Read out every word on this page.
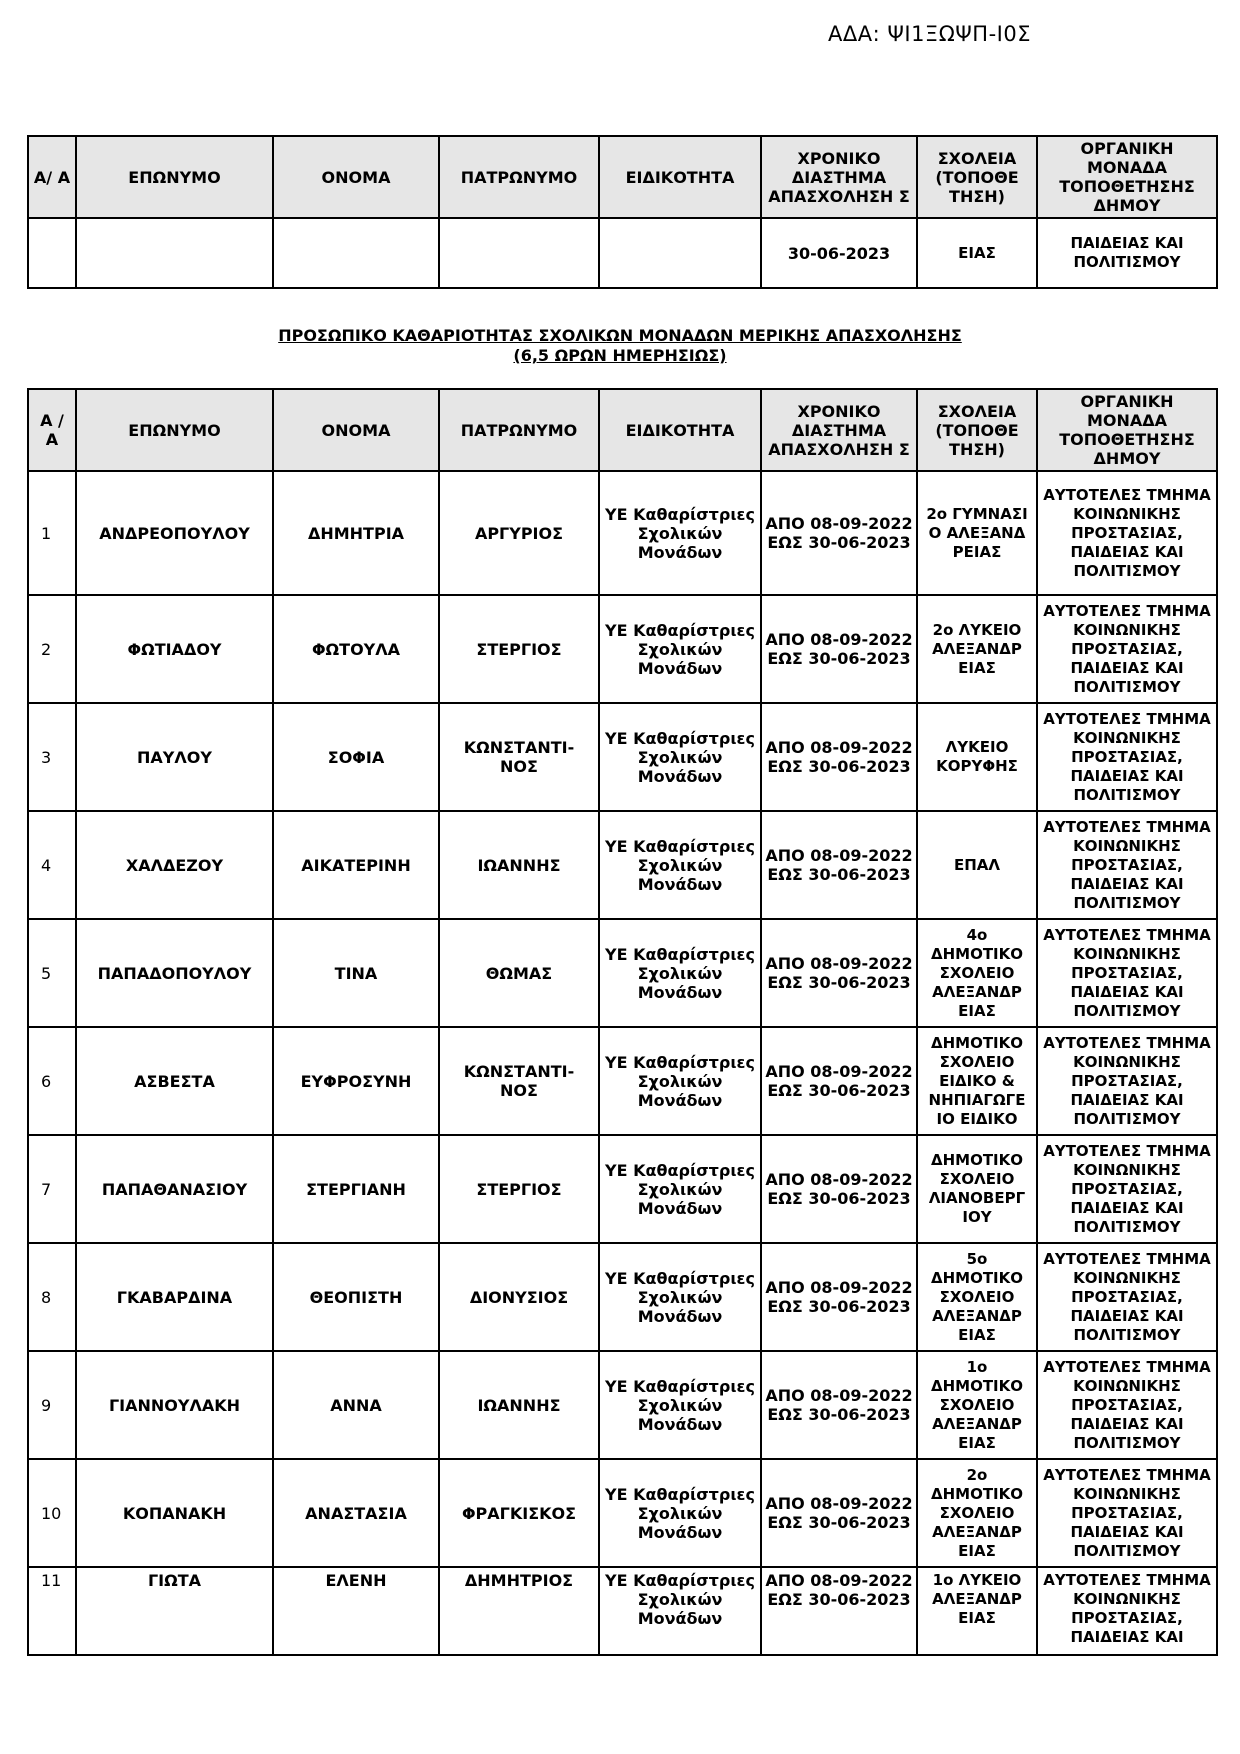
ΑΔΑ: ΨΙ1ΞΩΨΠ-Ι0Σ
Α/ Α	ΕΠΩΝΥΜΟ	ΟΝΟΜΑ	ΠΑΤΡΩΝΥΜΟ	ΕΙΔΙΚΟΤΗΤΑ	ΧΡΟΝΙΚΟ ΔΙΑΣΤΗΜΑ ΑΠΑΣΧΟΛΗΣΗ Σ	ΣΧΟΛΕΙΑ (ΤΟΠΟΘΕ ΤΗΣΗ)	ΟΡΓΑΝΙΚΗ ΜΟΝΑΔΑ ΤΟΠΟΘΕΤΗΣΗΣ ΔΗΜΟΥ
					30-06-2023	ΕΙΑΣ	ΠΑΙΔΕΙΑΣ ΚΑΙ ΠΟΛΙΤΙΣΜΟΥ
ΠΡΟΣΩΠΙΚΟ ΚΑΘΑΡΙΟΤΗΤΑΣ ΣΧΟΛΙΚΩΝ ΜΟΝΑΔΩΝ ΜΕΡΙΚΗΣ ΑΠΑΣΧΟΛΗΣΗΣ
(6,5 ΩΡΩΝ ΗΜΕΡΗΣΙΩΣ)
Α / Α	ΕΠΩΝΥΜΟ	ΟΝΟΜΑ	ΠΑΤΡΩΝΥΜΟ	ΕΙΔΙΚΟΤΗΤΑ	ΧΡΟΝΙΚΟ ΔΙΑΣΤΗΜΑ ΑΠΑΣΧΟΛΗΣΗ Σ	ΣΧΟΛΕΙΑ (ΤΟΠΟΘΕ ΤΗΣΗ)	ΟΡΓΑΝΙΚΗ ΜΟΝΑΔΑ ΤΟΠΟΘΕΤΗΣΗΣ ΔΗΜΟΥ
1	ΑΝΔΡΕΟΠΟΥΛΟΥ	ΔΗΜΗΤΡΙΑ	ΑΡΓΥΡΙΟΣ	ΥΕ Καθαρίστριες Σχολικών Μονάδων	ΑΠΟ 08-09-2022 ΕΩΣ 30-06-2023	2ο ΓΥΜΝΑΣΙ Ο ΑΛΕΞΑΝΔ ΡΕΙΑΣ	ΑΥΤΟΤΕΛΕΣ ΤΜΗΜΑ ΚΟΙΝΩΝΙΚΗΣ ΠΡΟΣΤΑΣΙΑΣ, ΠΑΙΔΕΙΑΣ ΚΑΙ ΠΟΛΙΤΙΣΜΟΥ
2	ΦΩΤΙΑΔΟΥ	ΦΩΤΟΥΛΑ	ΣΤΕΡΓΙΟΣ	ΥΕ Καθαρίστριες Σχολικών Μονάδων	ΑΠΟ 08-09-2022 ΕΩΣ 30-06-2023	2ο ΛΥΚΕΙΟ ΑΛΕΞΑΝΔΡ ΕΙΑΣ	ΑΥΤΟΤΕΛΕΣ ΤΜΗΜΑ ΚΟΙΝΩΝΙΚΗΣ ΠΡΟΣΤΑΣΙΑΣ, ΠΑΙΔΕΙΑΣ ΚΑΙ ΠΟΛΙΤΙΣΜΟΥ
3	ΠΑΥΛΟΥ	ΣΟΦΙΑ	ΚΩΝΣΤΑΝΤΙ- ΝΟΣ	ΥΕ Καθαρίστριες Σχολικών Μονάδων	ΑΠΟ 08-09-2022 ΕΩΣ 30-06-2023	ΛΥΚΕΙΟ ΚΟΡΥΦΗΣ	ΑΥΤΟΤΕΛΕΣ ΤΜΗΜΑ ΚΟΙΝΩΝΙΚΗΣ ΠΡΟΣΤΑΣΙΑΣ, ΠΑΙΔΕΙΑΣ ΚΑΙ ΠΟΛΙΤΙΣΜΟΥ
4	ΧΑΛΔΕΖΟΥ	ΑΙΚΑΤΕΡΙΝΗ	ΙΩΑΝΝΗΣ	ΥΕ Καθαρίστριες Σχολικών Μονάδων	ΑΠΟ 08-09-2022 ΕΩΣ 30-06-2023	ΕΠΑΛ	ΑΥΤΟΤΕΛΕΣ ΤΜΗΜΑ ΚΟΙΝΩΝΙΚΗΣ ΠΡΟΣΤΑΣΙΑΣ, ΠΑΙΔΕΙΑΣ ΚΑΙ ΠΟΛΙΤΙΣΜΟΥ
5	ΠΑΠΑΔΟΠΟΥΛΟΥ	ΤΙΝΑ	ΘΩΜΑΣ	ΥΕ Καθαρίστριες Σχολικών Μονάδων	ΑΠΟ 08-09-2022 ΕΩΣ 30-06-2023	4ο ΔΗΜΟΤΙΚΟ ΣΧΟΛΕΙΟ ΑΛΕΞΑΝΔΡ ΕΙΑΣ	ΑΥΤΟΤΕΛΕΣ ΤΜΗΜΑ ΚΟΙΝΩΝΙΚΗΣ ΠΡΟΣΤΑΣΙΑΣ, ΠΑΙΔΕΙΑΣ ΚΑΙ ΠΟΛΙΤΙΣΜΟΥ
6	ΑΣΒΕΣΤΑ	ΕΥΦΡΟΣΥΝΗ	ΚΩΝΣΤΑΝΤΙ- ΝΟΣ	ΥΕ Καθαρίστριες Σχολικών Μονάδων	ΑΠΟ 08-09-2022 ΕΩΣ 30-06-2023	ΔΗΜΟΤΙΚΟ ΣΧΟΛΕΙΟ ΕΙΔΙΚΟ & ΝΗΠΙΑΓΩΓΕ ΙΟ ΕΙΔΙΚΟ	ΑΥΤΟΤΕΛΕΣ ΤΜΗΜΑ ΚΟΙΝΩΝΙΚΗΣ ΠΡΟΣΤΑΣΙΑΣ, ΠΑΙΔΕΙΑΣ ΚΑΙ ΠΟΛΙΤΙΣΜΟΥ
7	ΠΑΠΑΘΑΝΑΣΙΟΥ	ΣΤΕΡΓΙΑΝΗ	ΣΤΕΡΓΙΟΣ	ΥΕ Καθαρίστριες Σχολικών Μονάδων	ΑΠΟ 08-09-2022 ΕΩΣ 30-06-2023	ΔΗΜΟΤΙΚΟ ΣΧΟΛΕΙΟ ΛΙΑΝΟΒΕΡΓ ΙΟΥ	ΑΥΤΟΤΕΛΕΣ ΤΜΗΜΑ ΚΟΙΝΩΝΙΚΗΣ ΠΡΟΣΤΑΣΙΑΣ, ΠΑΙΔΕΙΑΣ ΚΑΙ ΠΟΛΙΤΙΣΜΟΥ
8	ΓΚΑΒΑΡΔΙΝΑ	ΘΕΟΠΙΣΤΗ	ΔΙΟΝΥΣΙΟΣ	ΥΕ Καθαρίστριες Σχολικών Μονάδων	ΑΠΟ 08-09-2022 ΕΩΣ 30-06-2023	5ο ΔΗΜΟΤΙΚΟ ΣΧΟΛΕΙΟ ΑΛΕΞΑΝΔΡ ΕΙΑΣ	ΑΥΤΟΤΕΛΕΣ ΤΜΗΜΑ ΚΟΙΝΩΝΙΚΗΣ ΠΡΟΣΤΑΣΙΑΣ, ΠΑΙΔΕΙΑΣ ΚΑΙ ΠΟΛΙΤΙΣΜΟΥ
9	ΓΙΑΝΝΟΥΛΑΚΗ	ΑΝΝΑ	ΙΩΑΝΝΗΣ	ΥΕ Καθαρίστριες Σχολικών Μονάδων	ΑΠΟ 08-09-2022 ΕΩΣ 30-06-2023	1ο ΔΗΜΟΤΙΚΟ ΣΧΟΛΕΙΟ ΑΛΕΞΑΝΔΡ ΕΙΑΣ	ΑΥΤΟΤΕΛΕΣ ΤΜΗΜΑ ΚΟΙΝΩΝΙΚΗΣ ΠΡΟΣΤΑΣΙΑΣ, ΠΑΙΔΕΙΑΣ ΚΑΙ ΠΟΛΙΤΙΣΜΟΥ
10	ΚΟΠΑΝΑΚΗ	ΑΝΑΣΤΑΣΙΑ	ΦΡΑΓΚΙΣΚΟΣ	ΥΕ Καθαρίστριες Σχολικών Μονάδων	ΑΠΟ 08-09-2022 ΕΩΣ 30-06-2023	2ο ΔΗΜΟΤΙΚΟ ΣΧΟΛΕΙΟ ΑΛΕΞΑΝΔΡ ΕΙΑΣ	ΑΥΤΟΤΕΛΕΣ ΤΜΗΜΑ ΚΟΙΝΩΝΙΚΗΣ ΠΡΟΣΤΑΣΙΑΣ, ΠΑΙΔΕΙΑΣ ΚΑΙ ΠΟΛΙΤΙΣΜΟΥ
11	ΓΙΩΤΑ	ΕΛΕΝΗ	ΔΗΜΗΤΡΙΟΣ	ΥΕ Καθαρίστριες Σχολικών Μονάδων	ΑΠΟ 08-09-2022 ΕΩΣ 30-06-2023	1ο ΛΥΚΕΙΟ ΑΛΕΞΑΝΔΡ ΕΙΑΣ	ΑΥΤΟΤΕΛΕΣ ΤΜΗΜΑ ΚΟΙΝΩΝΙΚΗΣ ΠΡΟΣΤΑΣΙΑΣ, ΠΑΙΔΕΙΑΣ ΚΑΙ
